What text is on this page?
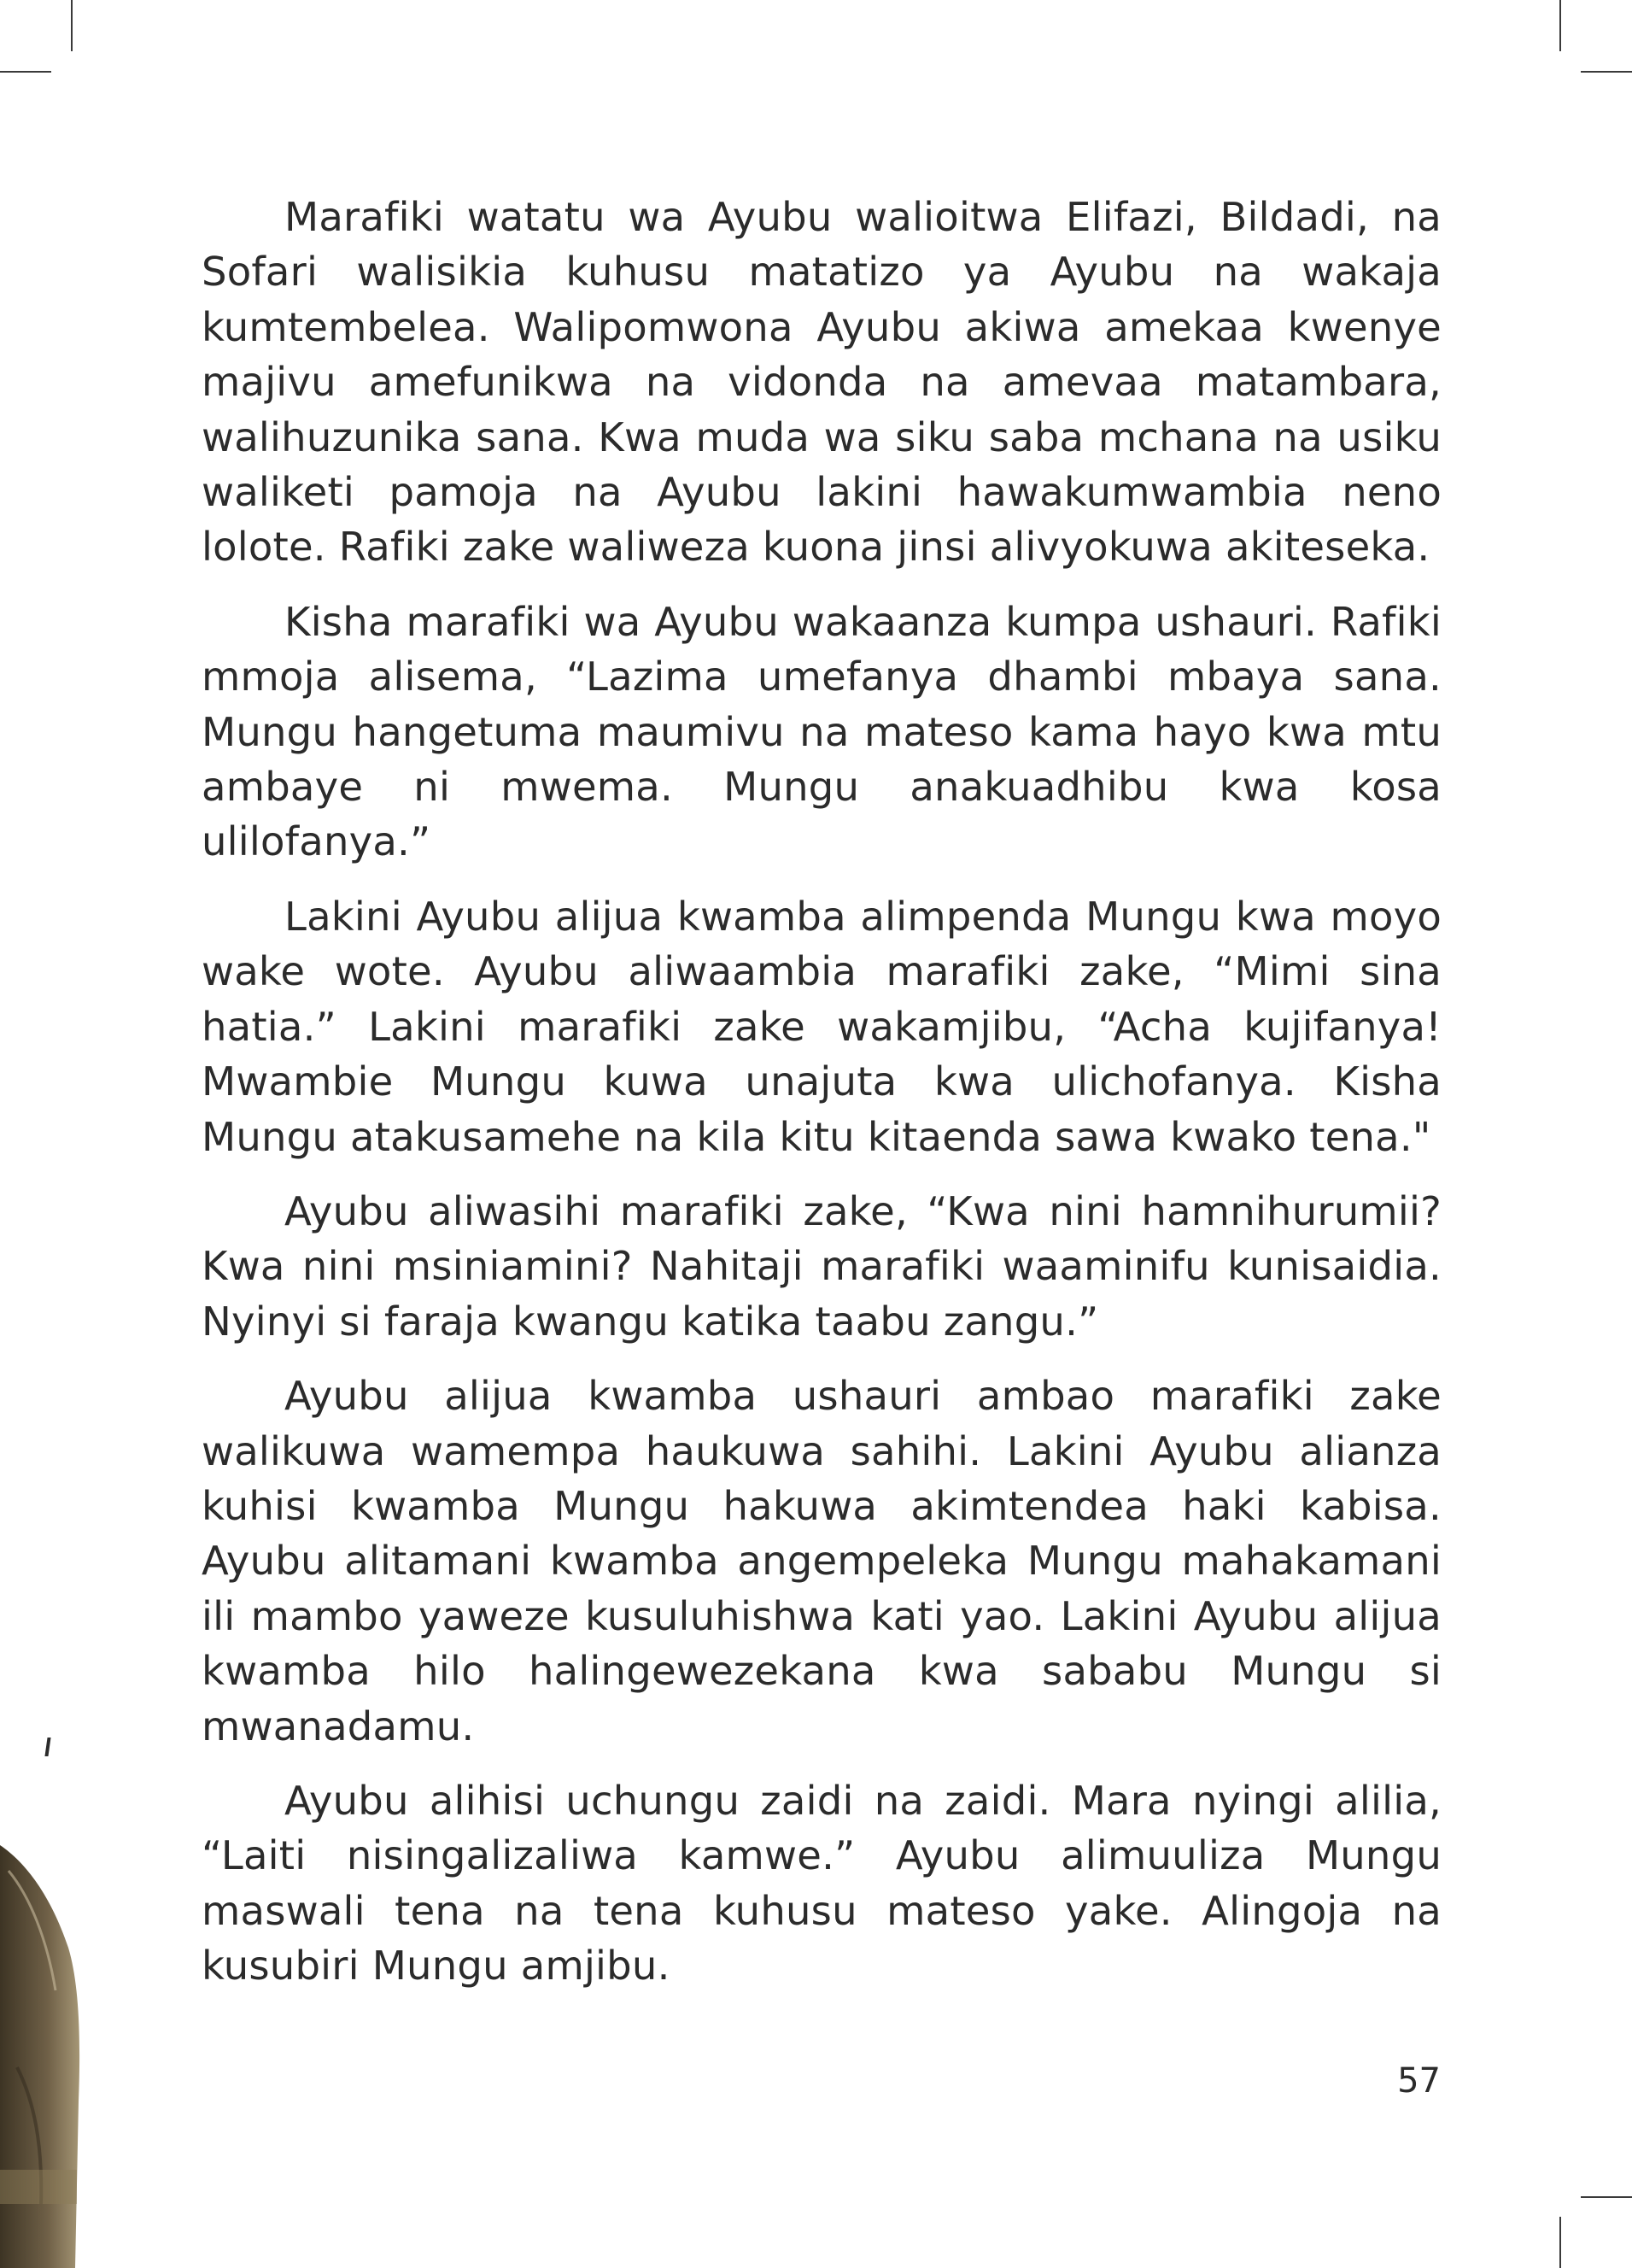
Marafiki watatu wa Ayubu walioitwa Elifazi, Bildadi, na Sofari walisikia kuhusu matatizo ya Ayubu na wakaja kumtembelea. Walipomwona Ayubu akiwa amekaa kwenye majivu amefunikwa na vidonda na amevaa matambara, walihuzunika sana. Kwa muda wa siku saba mchana na usiku waliketi pamoja na Ayubu lakini hawakumwambia neno lolote. Rafiki zake waliweza kuona jinsi alivyokuwa akiteseka.

Kisha marafiki wa Ayubu wakaanza kumpa ushauri. Rafiki mmoja alisema, “Lazima umefanya dhambi mbaya sana. Mungu hangetuma maumivu na mateso kama hayo kwa mtu ambaye ni mwema. Mungu anakuadhibu kwa kosa ulilofanya.”

Lakini Ayubu alijua kwamba alimpenda Mungu kwa moyo wake wote. Ayubu aliwaambia marafiki zake, “Mimi sina hatia.” Lakini marafiki zake wakamjibu, “Acha kujifanya! Mwambie Mungu kuwa unajuta kwa ulichofanya. Kisha Mungu atakusamehe na kila kitu kitaenda sawa kwako tena."

Ayubu aliwasihi marafiki zake, “Kwa nini hamnihurumii? Kwa nini msiniamini? Nahitaji marafiki waaminifu kunisaidia. Nyinyi si faraja kwangu katika taabu zangu.”

Ayubu alijua kwamba ushauri ambao marafiki zake walikuwa wamempa haukuwa sahihi. Lakini Ayubu alianza kuhisi kwamba Mungu hakuwa akimtendea haki kabisa. Ayubu alitamani kwamba angempeleka Mungu mahakamani ili mambo yaweze kusuluhishwa kati yao. Lakini Ayubu alijua kwamba hilo halingewezekana kwa sababu Mungu si mwanadamu.

Ayubu alihisi uchungu zaidi na zaidi. Mara nyingi alilia, “Laiti nisingalizaliwa kamwe.” Ayubu alimuuliza Mungu maswali tena na tena kuhusu mateso yake. Alingoja na kusubiri Mungu amjibu.

57
